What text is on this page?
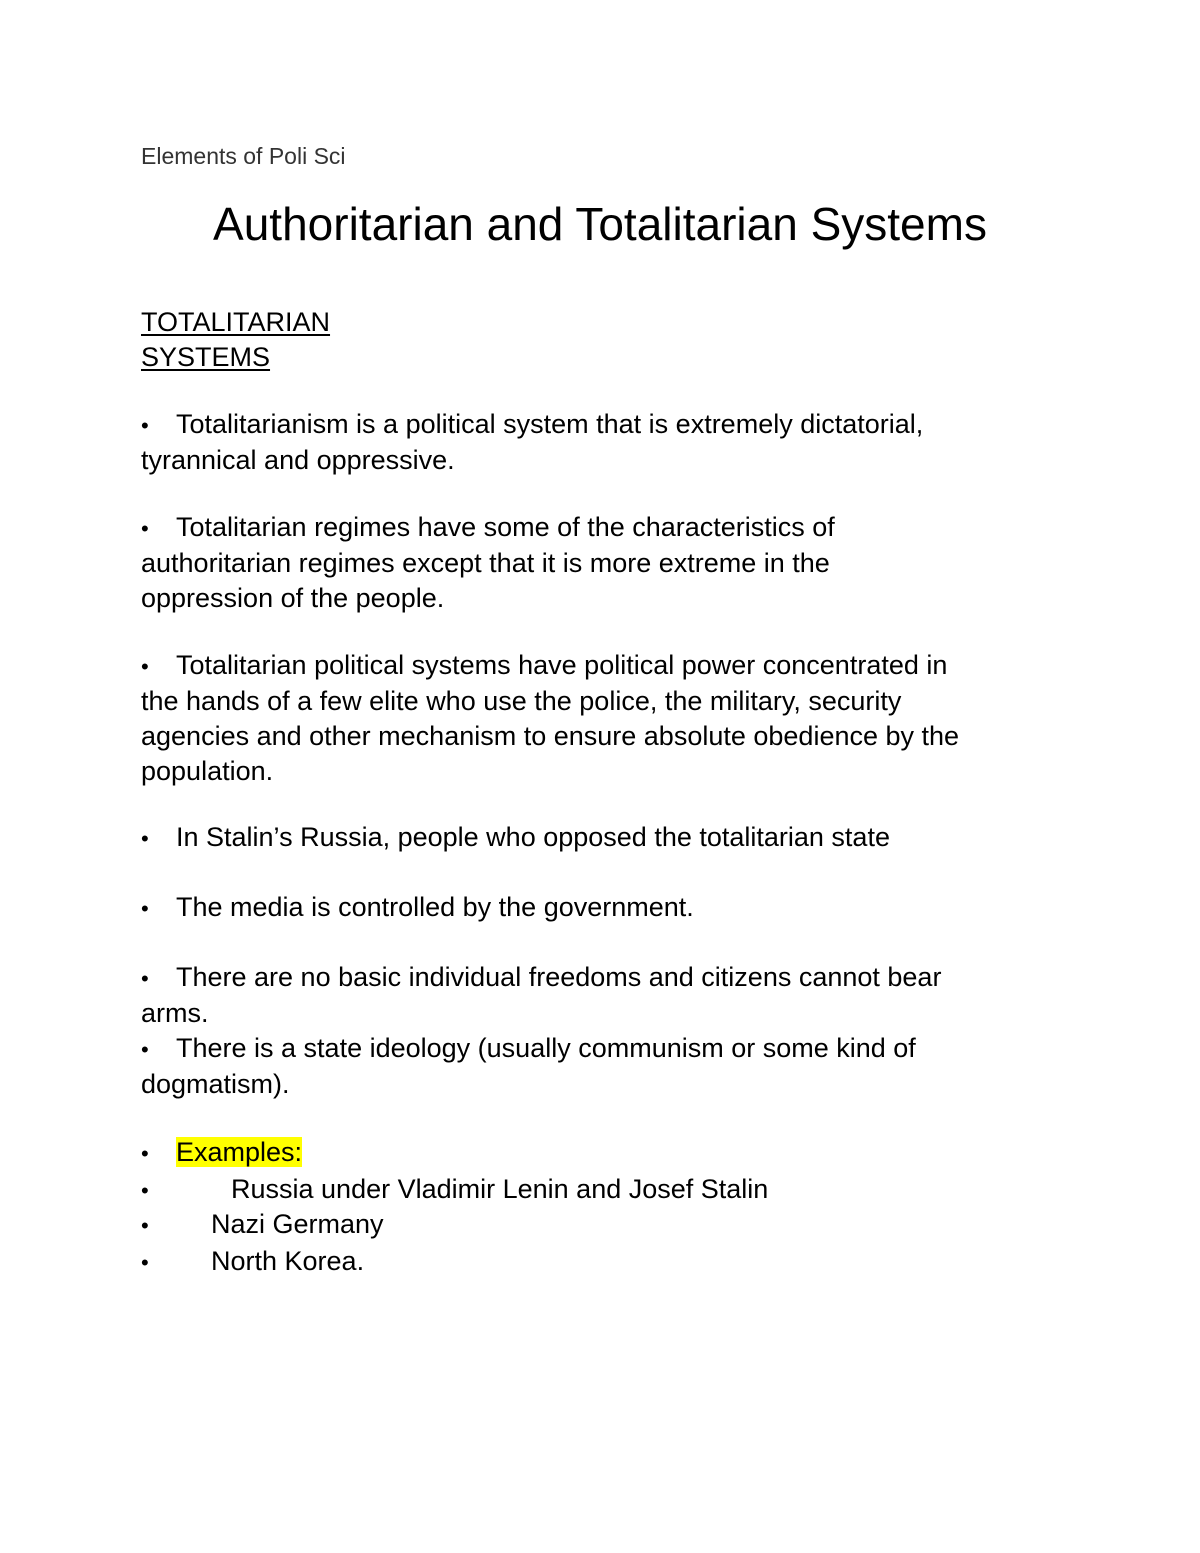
Elements of Poli Sci
Authoritarian and Totalitarian Systems
TOTALITARIAN
SYSTEMS
• Totalitarianism is a political system that is extremely dictatorial,
tyrannical and oppressive.
• Totalitarian regimes have some of the characteristics of
authoritarian regimes except that it is more extreme in the
oppression of the people.
• Totalitarian political systems have political power concentrated in
the hands of a few elite who use the police, the military, security
agencies and other mechanism to ensure absolute obedience by the
population.
• In Stalin’s Russia, people who opposed the totalitarian state
• The media is controlled by the government.
• There are no basic individual freedoms and citizens cannot bear
arms.
• There is a state ideology (usually communism or some kind of
dogmatism).
• Examples:
•	Russia under Vladimir Lenin and Josef Stalin
• Nazi Germany
• North Korea.
